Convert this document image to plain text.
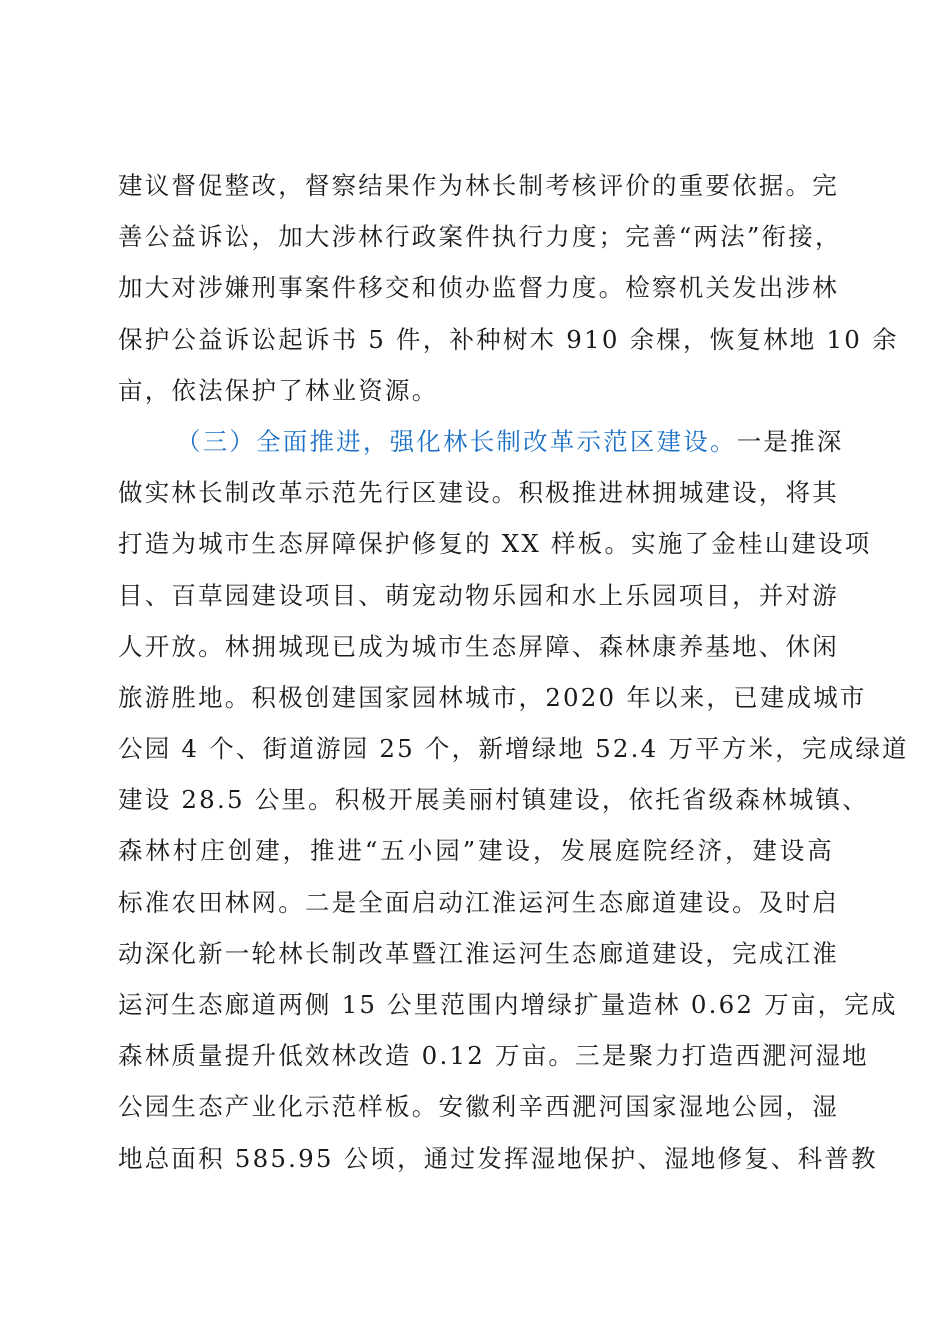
建议督促整改，督察结果作为林长制考核评价的重要依据。完
善公益诉讼，加大涉林行政案件执行力度；完善“两法”衔接，
加大对涉嫌刑事案件移交和侦办监督力度。检察机关发出涉林
保护公益诉讼起诉书 5 件，补种树木 910 余棵，恢复林地 10 余
亩，依法保护了林业资源。
（三）全面推进，强化林长制改革示范区建设。一是推深
做实林长制改革示范先行区建设。积极推进林拥城建设，将其
打造为城市生态屏障保护修复的 XX 样板。实施了金桂山建设项
目、百草园建设项目、萌宠动物乐园和水上乐园项目，并对游
人开放。林拥城现已成为城市生态屏障、森林康养基地、休闲
旅游胜地。积极创建国家园林城市，2020 年以来，已建成城市
公园 4 个、街道游园 25 个，新增绿地 52.4 万平方米，完成绿道
建设 28.5 公里。积极开展美丽村镇建设，依托省级森林城镇、
森林村庄创建，推进“五小园”建设，发展庭院经济，建设高
标准农田林网。二是全面启动江淮运河生态廊道建设。及时启
动深化新一轮林长制改革暨江淮运河生态廊道建设，完成江淮
运河生态廊道两侧 15 公里范围内增绿扩量造林 0.62 万亩，完成
森林质量提升低效林改造 0.12 万亩。三是聚力打造西淝河湿地
公园生态产业化示范样板。安徽利辛西淝河国家湿地公园，湿
地总面积 585.95 公顷，通过发挥湿地保护、湿地修复、科普教
